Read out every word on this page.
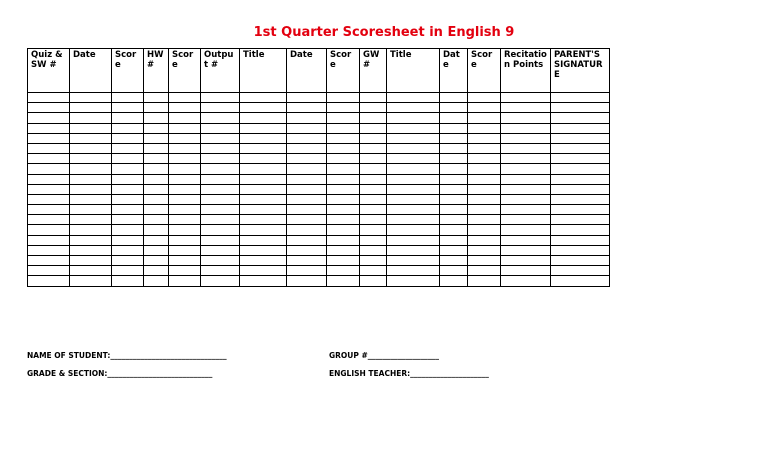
1st Quarter Scoresheet in English 9
Quiz & SW #	Date	Score	HW #	Score	Output #	Title	Date	Score	GW #	Title	Date	Score	Recitation Points	PARENT'S SIGNATURE

NAME OF STUDENT:_______________________________
GRADE & SECTION:____________________________
GROUP #___________________
ENGLISH TEACHER:_____________________
